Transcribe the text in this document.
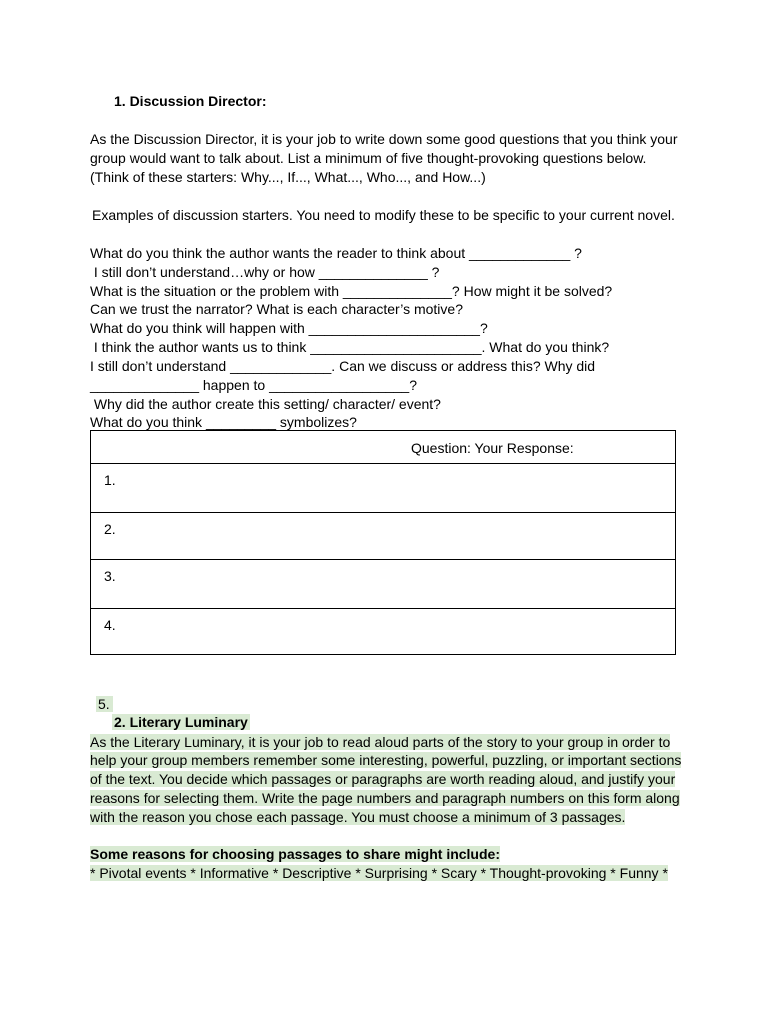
1. Discussion Director:
As the Discussion Director, it is your job to write down some good questions that you think your
group would want to talk about. List a minimum of five thought-provoking questions below.
(Think of these starters: Why..., If..., What..., Who..., and How...)
Examples of discussion starters. You need to modify these to be specific to your current novel.
What do you think the author wants the reader to think about _____________ ?
I still don’t understand…why or how ______________ ?
What is the situation or the problem with ______________? How might it be solved?
Can we trust the narrator? What is each character’s motive?
What do you think will happen with ______________________?
I think the author wants us to think ______________________. What do you think?
I still don’t understand _____________. Can we discuss or address this? Why did
______________ happen to __________________?
Why did the author create this setting/ character/ event?
What do you think _________ symbolizes?
Question: Your Response:
1.
2.
3.
4.
5.
2. Literary Luminary
As the Literary Luminary, it is your job to read aloud parts of the story to your group in order to
help your group members remember some interesting, powerful, puzzling, or important sections
of the text. You decide which passages or paragraphs are worth reading aloud, and justify your
reasons for selecting them. Write the page numbers and paragraph numbers on this form along
with the reason you chose each passage. You must choose a minimum of 3 passages.
Some reasons for choosing passages to share might include:
* Pivotal events * Informative * Descriptive * Surprising * Scary * Thought-provoking * Funny *
